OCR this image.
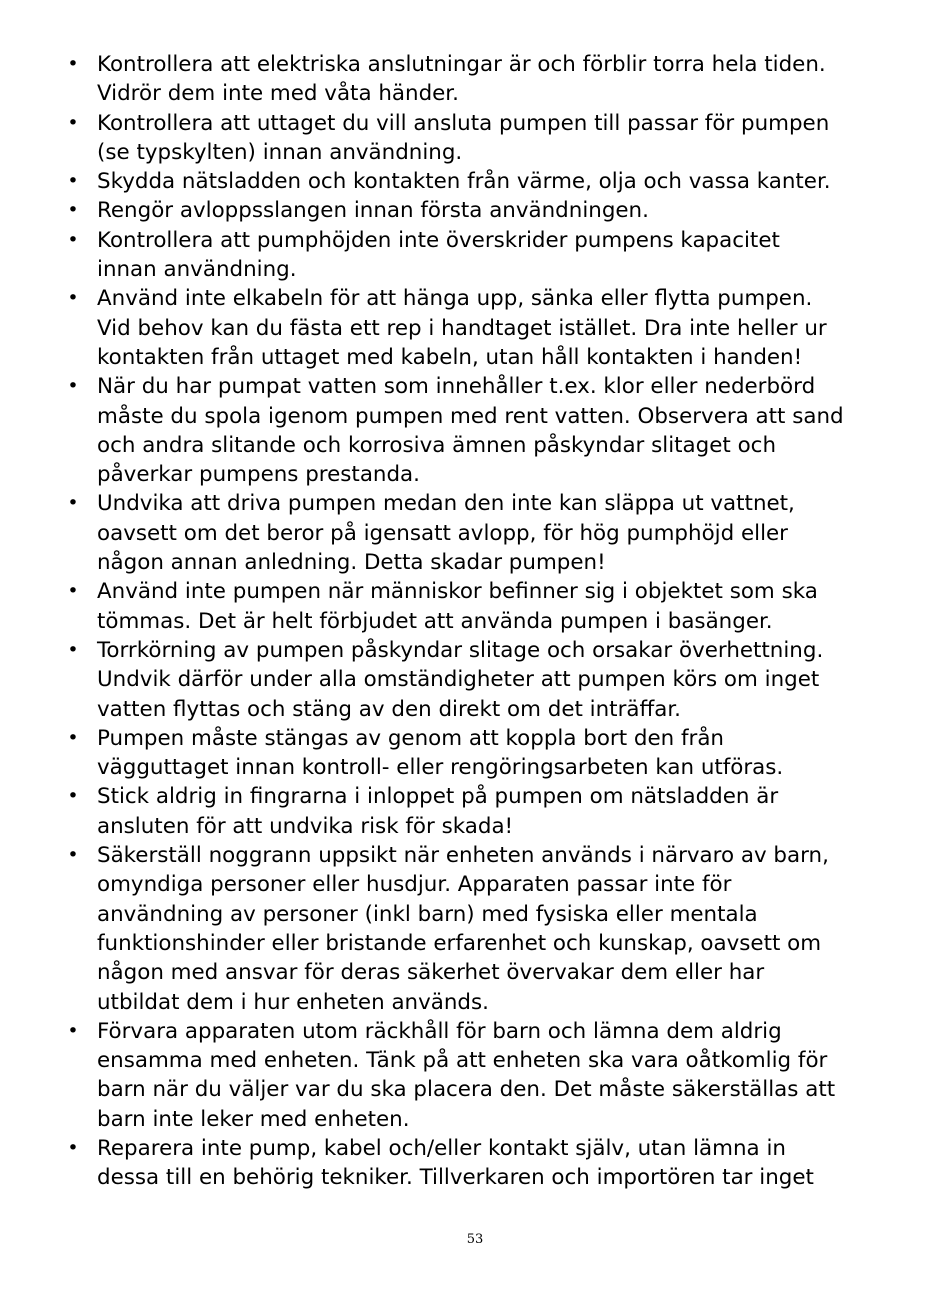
• Kontrollera att elektriska anslutningar är och förblir torra hela tiden.
Vidrör dem inte med våta händer.
• Kontrollera att uttaget du vill ansluta pumpen till passar för pumpen
(se typskylten) innan användning.
• Skydda nätsladden och kontakten från värme, olja och vassa kanter.
• Rengör avloppsslangen innan första användningen.
• Kontrollera att pumphöjden inte överskrider pumpens kapacitet
innan användning.
• Använd inte elkabeln för att hänga upp, sänka eller flytta pumpen.
Vid behov kan du fästa ett rep i handtaget istället. Dra inte heller ur
kontakten från uttaget med kabeln, utan håll kontakten i handen!
• När du har pumpat vatten som innehåller t.ex. klor eller nederbörd
måste du spola igenom pumpen med rent vatten. Observera att sand
och andra slitande och korrosiva ämnen påskyndar slitaget och
påverkar pumpens prestanda.
• Undvika att driva pumpen medan den inte kan släppa ut vattnet,
oavsett om det beror på igensatt avlopp, för hög pumphöjd eller
någon annan anledning. Detta skadar pumpen!
• Använd inte pumpen när människor befinner sig i objektet som ska
tömmas. Det är helt förbjudet att använda pumpen i basänger.
• Torrkörning av pumpen påskyndar slitage och orsakar överhettning.
Undvik därför under alla omständigheter att pumpen körs om inget
vatten flyttas och stäng av den direkt om det inträffar.
• Pumpen måste stängas av genom att koppla bort den från
vägguttaget innan kontroll- eller rengöringsarbeten kan utföras.
• Stick aldrig in fingrarna i inloppet på pumpen om nätsladden är
ansluten för att undvika risk för skada!
• Säkerställ noggrann uppsikt när enheten används i närvaro av barn,
omyndiga personer eller husdjur. Apparaten passar inte för
användning av personer (inkl barn) med fysiska eller mentala
funktionshinder eller bristande erfarenhet och kunskap, oavsett om
någon med ansvar för deras säkerhet övervakar dem eller har
utbildat dem i hur enheten används.
• Förvara apparaten utom räckhåll för barn och lämna dem aldrig
ensamma med enheten. Tänk på att enheten ska vara oåtkomlig för
barn när du väljer var du ska placera den. Det måste säkerställas att
barn inte leker med enheten.
• Reparera inte pump, kabel och/eller kontakt själv, utan lämna in
dessa till en behörig tekniker. Tillverkaren och importören tar inget
53
